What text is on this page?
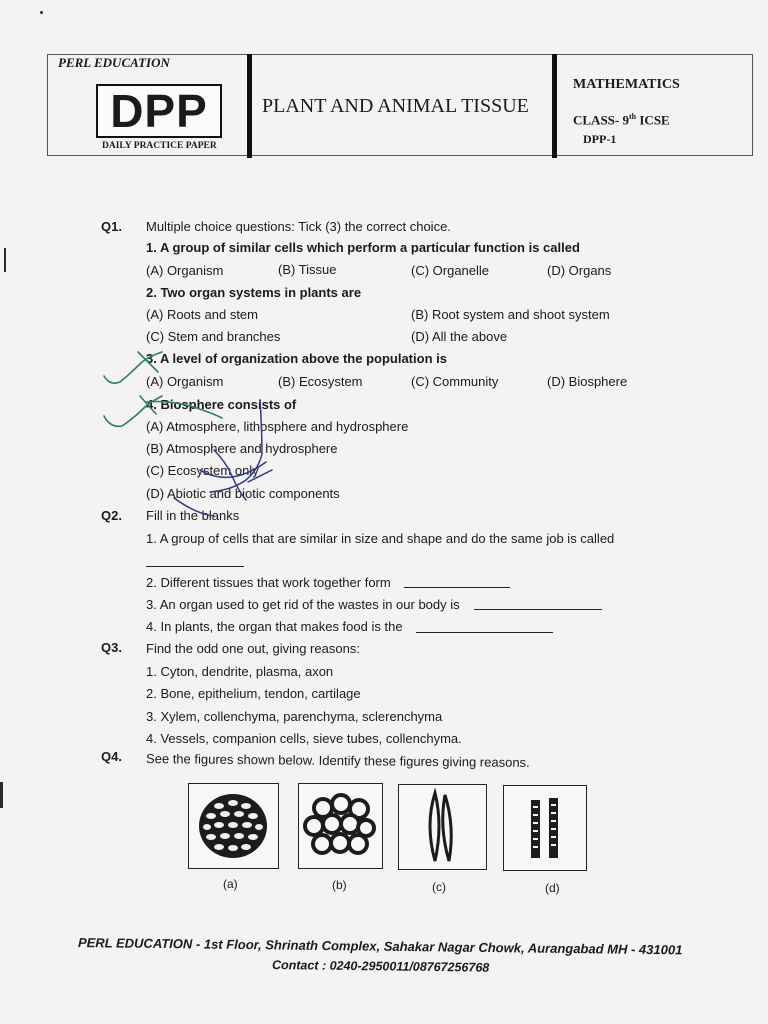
PERL EDUCATION
DPP
DAILY PRACTICE PAPER
PLANT AND ANIMAL TISSUE
MATHEMATICS
CLASS- 9th ICSE
DPP-1
Q1. Multiple choice questions: Tick (3) the correct choice.
1. A group of similar cells which perform a particular function is called
(A) Organism	(B) Tissue	(C) Organelle	(D) Organs
2. Two organ systems in plants are
(A) Roots and stem	(B) Root system and shoot system
(C) Stem and branches	(D) All the above
3. A level of organization above the population is
(A) Organism	(B) Ecosystem	(C) Community	(D) Biosphere
4. Biosphere consists of
(A) Atmosphere, lithosphere and hydrosphere
(B) Atmosphere and hydrosphere
(C) Ecosystem only
(D) Abiotic and biotic components
Q2. Fill in the blanks
1. A group of cells that are similar in size and shape and do the same job is called
2. Different tissues that work together form
3. An organ used to get rid of the wastes in our body is
4. In plants, the organ that makes food is the
Q3. Find the odd one out, giving reasons:
1. Cyton, dendrite, plasma, axon
2. Bone, epithelium, tendon, cartilage
3. Xylem, collenchyma, parenchyma, sclerenchyma
4. Vessels, companion cells, sieve tubes, collenchyma.
Q4. See the figures shown below. Identify these figures giving reasons.
(a)	(b)	(c)	(d)
PERL EDUCATION - 1st Floor, Shrinath Complex, Sahakar Nagar Chowk, Aurangabad MH - 431001
Contact : 0240-2950011/08767256768
